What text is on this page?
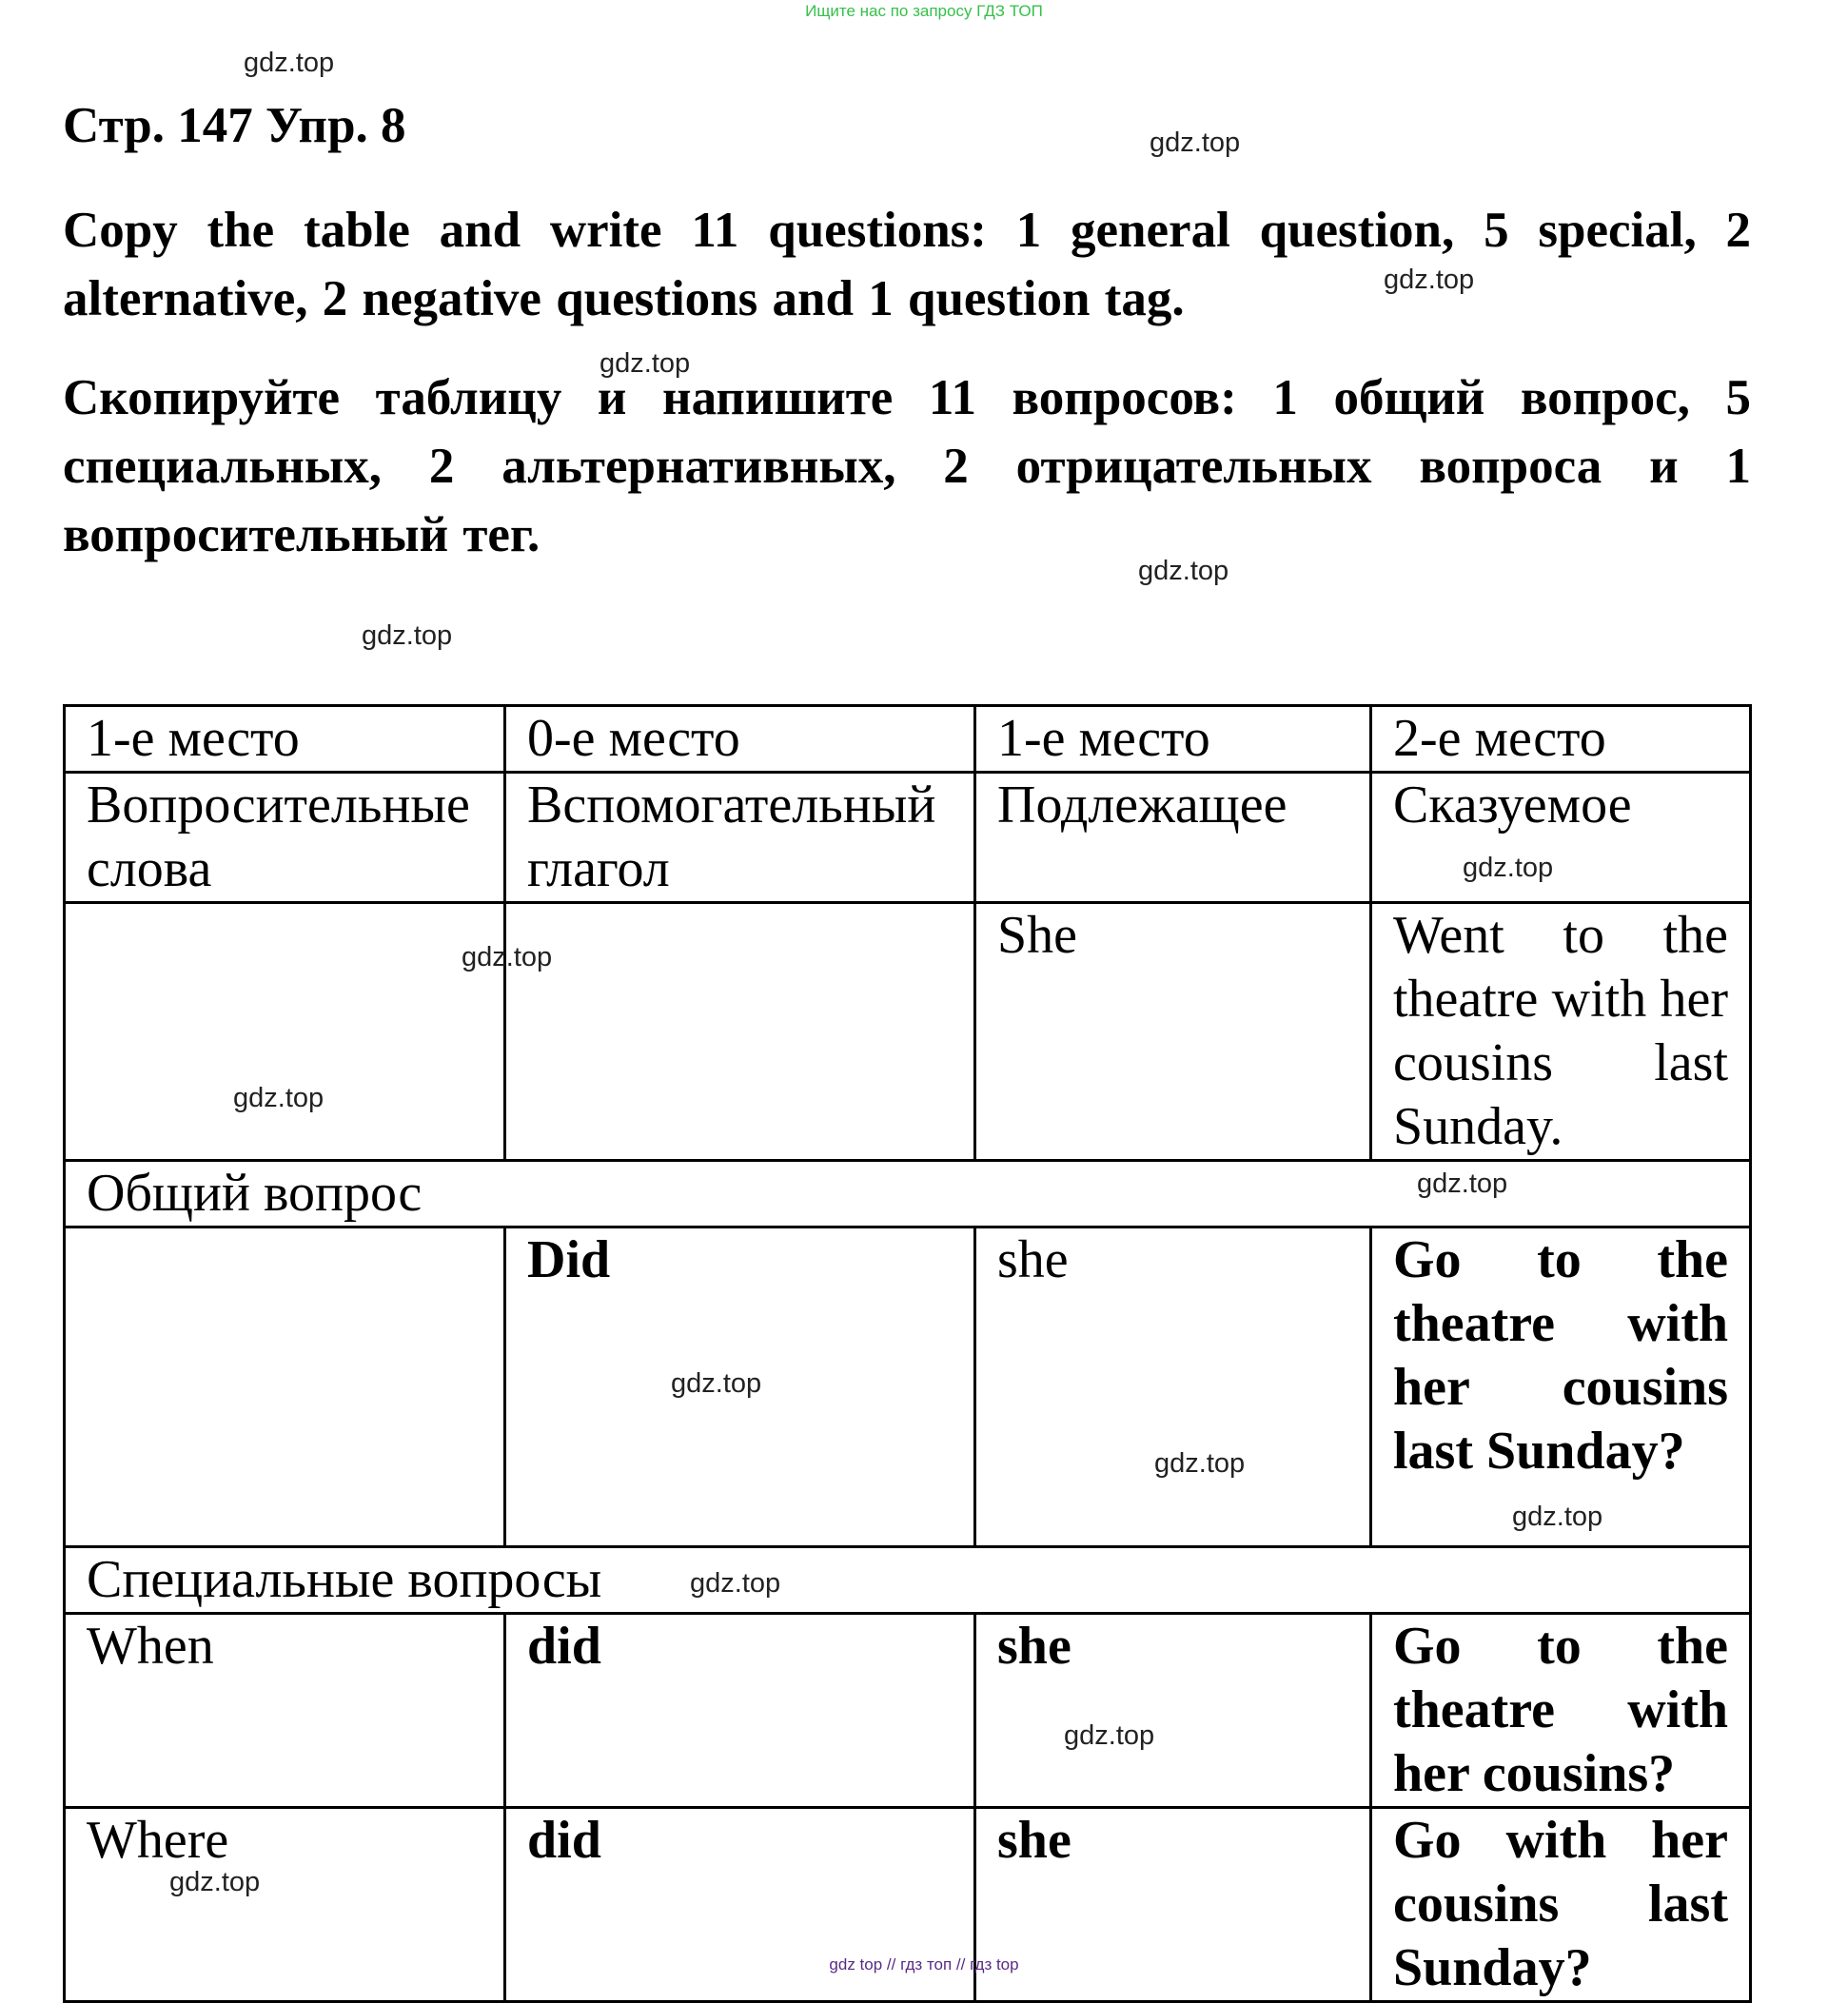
Ищите нас по запросу ГДЗ ТОП
Стр. 147 Упр. 8

Copy the table and write 11 questions: 1 general question, 5 special, 2 alternative, 2 negative questions and 1 question tag.

Скопируйте таблицу и напишите 11 вопросов: 1 общий вопрос, 5 специальных, 2 альтернативных, 2 отрицательных вопроса и 1 вопросительный тег.

1-е место	0-е место	1-е место	2-е место
Вопросительные слова	Вспомогательный глагол	Подлежащее	Сказуемое
		She	Went to the theatre with her cousins last Sunday.
Общий вопрос			
	Did	she	Go to the theatre with her cousins last Sunday?
Специальные вопросы			
When	did	she	Go to the theatre with her cousins?
Where	did	she	Go with her cousins last Sunday?
gdz.top
gdz.top
gdz.top
gdz.top
gdz.top
gdz.top
gdz.top
gdz.top
gdz.top
gdz.top
gdz.top
gdz.top
gdz.top
gdz.top
gdz.top
gdz.top
gdz top // гдз топ // гдз top
